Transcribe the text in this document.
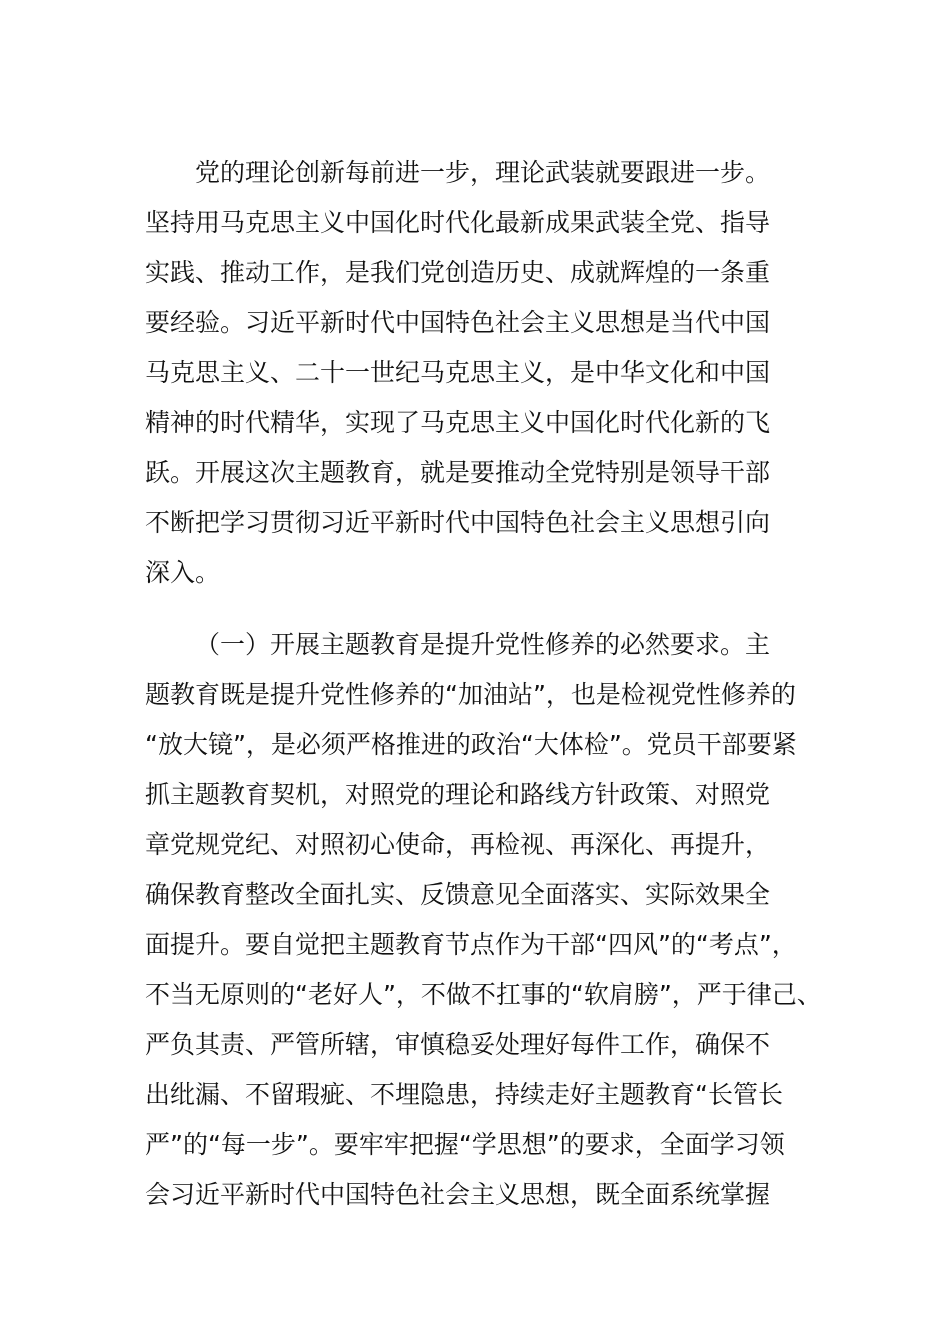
党的理论创新每前进一步，理论武装就要跟进一步。
坚持用马克思主义中国化时代化最新成果武装全党、指导
实践、推动工作，是我们党创造历史、成就辉煌的一条重
要经验。习近平新时代中国特色社会主义思想是当代中国
马克思主义、二十一世纪马克思主义，是中华文化和中国
精神的时代精华，实现了马克思主义中国化时代化新的飞
跃。开展这次主题教育，就是要推动全党特别是领导干部
不断把学习贯彻习近平新时代中国特色社会主义思想引向
深入。
（一）开展主题教育是提升党性修养的必然要求。主
题教育既是提升党性修养的“加油站”，也是检视党性修养的
“放大镜”，是必须严格推进的政治“大体检”。党员干部要紧
抓主题教育契机，对照党的理论和路线方针政策、对照党
章党规党纪、对照初心使命，再检视、再深化、再提升，
确保教育整改全面扎实、反馈意见全面落实、实际效果全
面提升。要自觉把主题教育节点作为干部“四风”的“考点”，
不当无原则的“老好人”，不做不扛事的“软肩膀”，严于律己、
严负其责、严管所辖，审慎稳妥处理好每件工作，确保不
出纰漏、不留瑕疵、不埋隐患，持续走好主题教育“长管长
严”的“每一步”。要牢牢把握“学思想”的要求，全面学习领
会习近平新时代中国特色社会主义思想，既全面系统掌握
